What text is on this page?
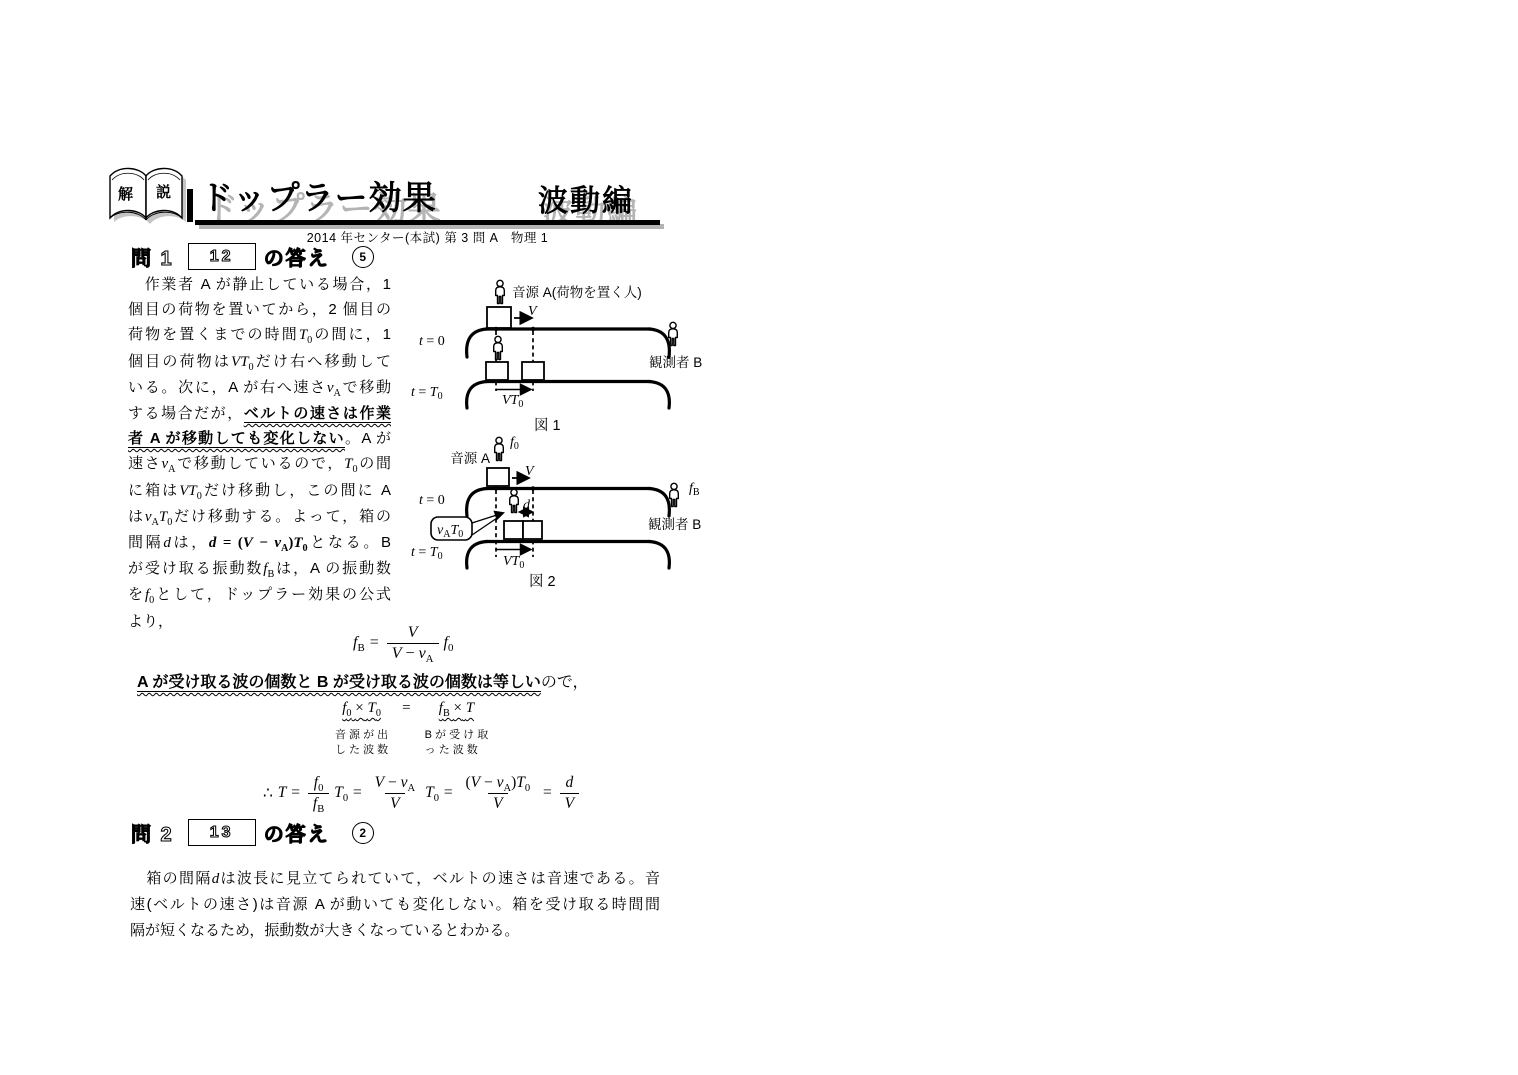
解 説 ドップラー効果	波動編
2014 年センター(本試) 第 3 問 A　物理 1
問 1 12 の答え 5
　作業者 A が静止している場合，1
個目の荷物を置いてから，2 個目の
荷物を置くまでの時間$T_0$の間に，1
個目の荷物は$VT_0$だけ右へ移動して
いる。次に，A が右へ速さ$v_A$で移動
する場合だが，ベルトの速さは作業
者 A が移動しても変化しない。A が
速さ$v_A$で移動しているので，$T_0$の間
に箱は$VT_0$だけ移動し，この間に A
は$v_AT_0$だけ移動する。よって，箱の
間隔dは，$d = (V - v_A)T_0$となる。B
が受け取る振動数$f_B$は，A の振動数
を$f_0$として，ドップラー効果の公式
より，
音源 A(荷物を置く人)
V
t = 0
観測者 B
VT0
t = T0
図 1
f0
音源 A
V
t = 0
fB
観測者 B
d
vAT0
VT0
t = T0
図 2
$f_B = \frac{V}{V - v_A} f_0$
A が受け取る波の個数と B が受け取る波の個数は等しいので，
$f_0 \times T_0$
音 源 が 出
し た 波 数
= $f_B \times T$
B が 受 け 取
っ た 波 数
∴ $T = \frac{f_0}{f_B} T_0 = \frac{V - v_A}{V} T_0 = \frac{(V - v_A)T_0}{V} = \frac{d}{V}$
問 2 13 の答え 2
　箱の間隔dは波長に見立てられていて，ベルトの速さは音速である。音
速(ベルトの速さ)は音源 A が動いても変化しない。箱を受け取る時間間
隔が短くなるため，振動数が大きくなっているとわかる。
